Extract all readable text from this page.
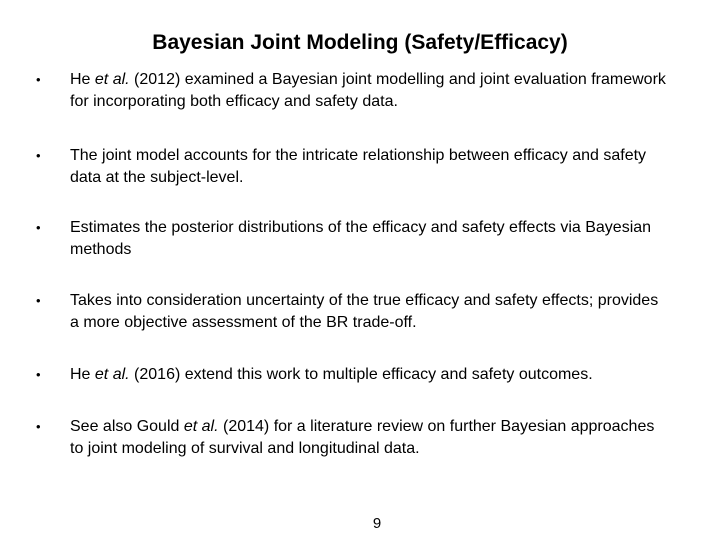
Bayesian Joint Modeling (Safety/Efficacy)
• He et al. (2012) examined a Bayesian joint modelling and joint evaluation framework for incorporating both efficacy and safety data.
• The joint model accounts for the intricate relationship between efficacy and safety data at the subject-level.
• Estimates the posterior distributions of the efficacy and safety effects via Bayesian methods
• Takes into consideration uncertainty of the true efficacy and safety effects; provides a more objective assessment of the BR trade-off.
• He et al. (2016) extend this work to multiple efficacy and safety outcomes.
• See also Gould et al. (2014) for a literature review on further Bayesian approaches to joint modeling of survival and longitudinal data.
9
